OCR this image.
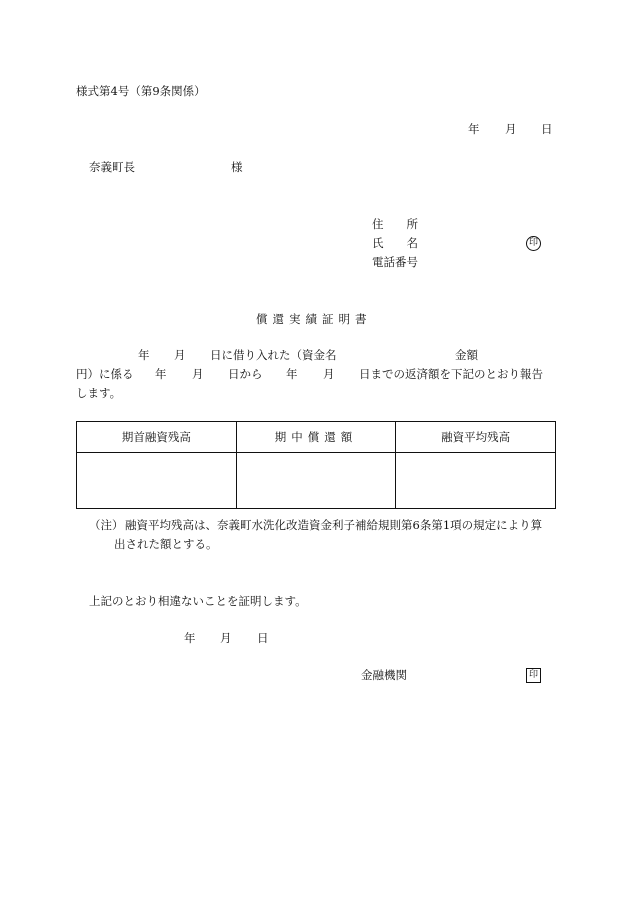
様式第4号（第9条関係）
年 月 日
奈義町長	様
住　　所
氏　　名	印
電話番号
償還実績証明書
年 月 日に借り入れた（資金名	金額
円）に係る 年 月 日から 年 月 日までの返済額を下記のとおり報告
します。
期首融資残高	期中償還額	融資平均残高

（注） 融資平均残高は、奈義町水洗化改造資金利子補給規則第6条第1項の規定により算
出された額とする。
上記のとおり相違ないことを証明します。
年 月 日
金融機関	印
